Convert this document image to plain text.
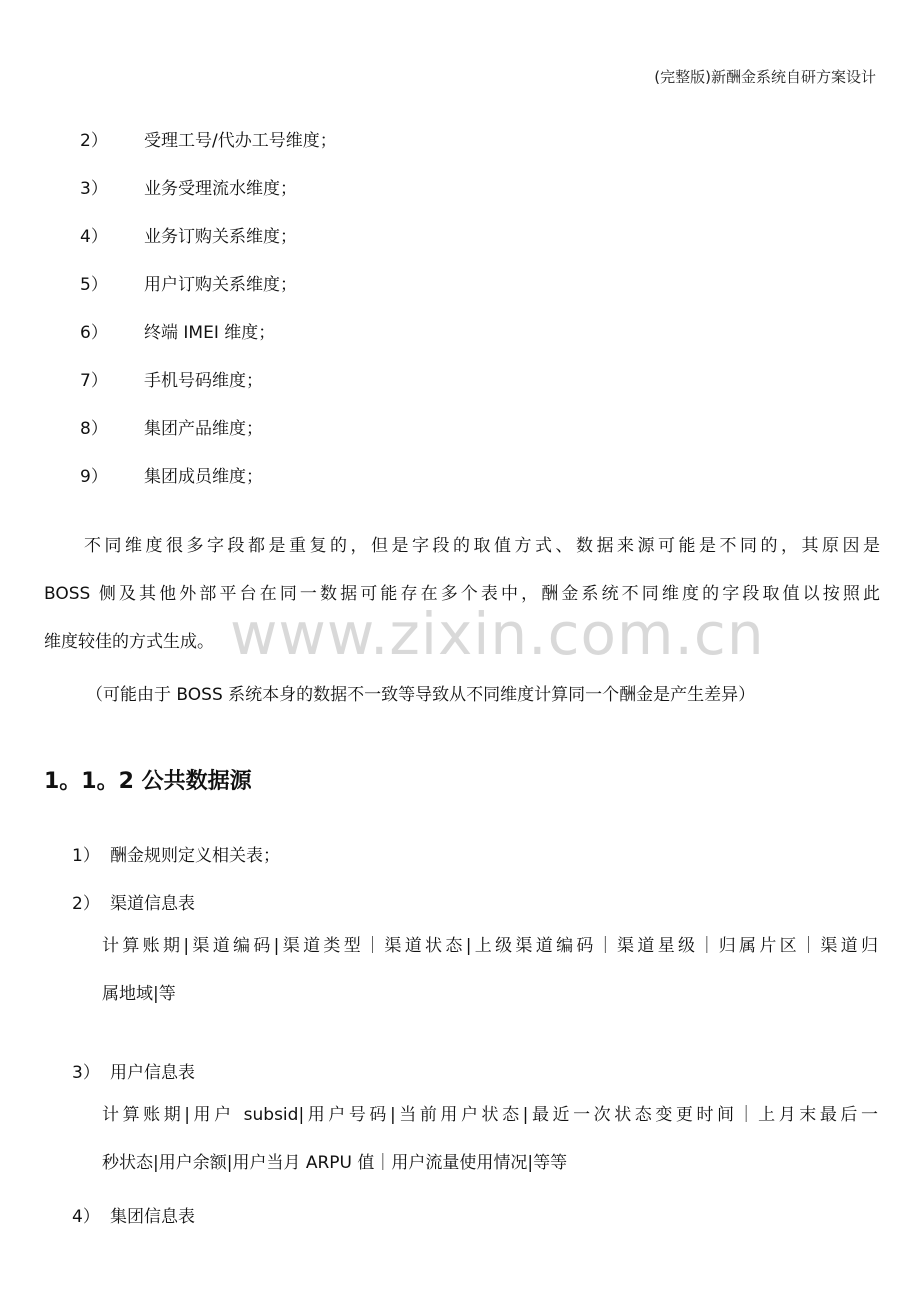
(完整版)新酬金系统自研方案设计
2） 受理工号/代办工号维度；
3） 业务受理流水维度；
4） 业务订购关系维度；
5） 用户订购关系维度；
6） 终端 IMEI 维度；
7） 手机号码维度；
8） 集团产品维度；
9） 集团成员维度；
不同维度很多字段都是重复的，但是字段的取值方式、数据来源可能是不同的，其原因是
BOSS 侧及其他外部平台在同一数据可能存在多个表中，酬金系统不同维度的字段取值以按照此
维度较佳的方式生成。 www.zixin.com.cn
（可能由于 BOSS 系统本身的数据不一致等导致从不同维度计算同一个酬金是产生差异）
1。1。2 公共数据源
1） 酬金规则定义相关表；
2） 渠道信息表
计算账期|渠道编码|渠道类型｜渠道状态|上级渠道编码｜渠道星级｜归属片区｜渠道归
属地域|等
3） 用户信息表
计算账期|用户 subsid|用户号码|当前用户状态|最近一次状态变更时间｜上月末最后一
秒状态|用户余额|用户当月 ARPU 值｜用户流量使用情况|等等
4） 集团信息表
